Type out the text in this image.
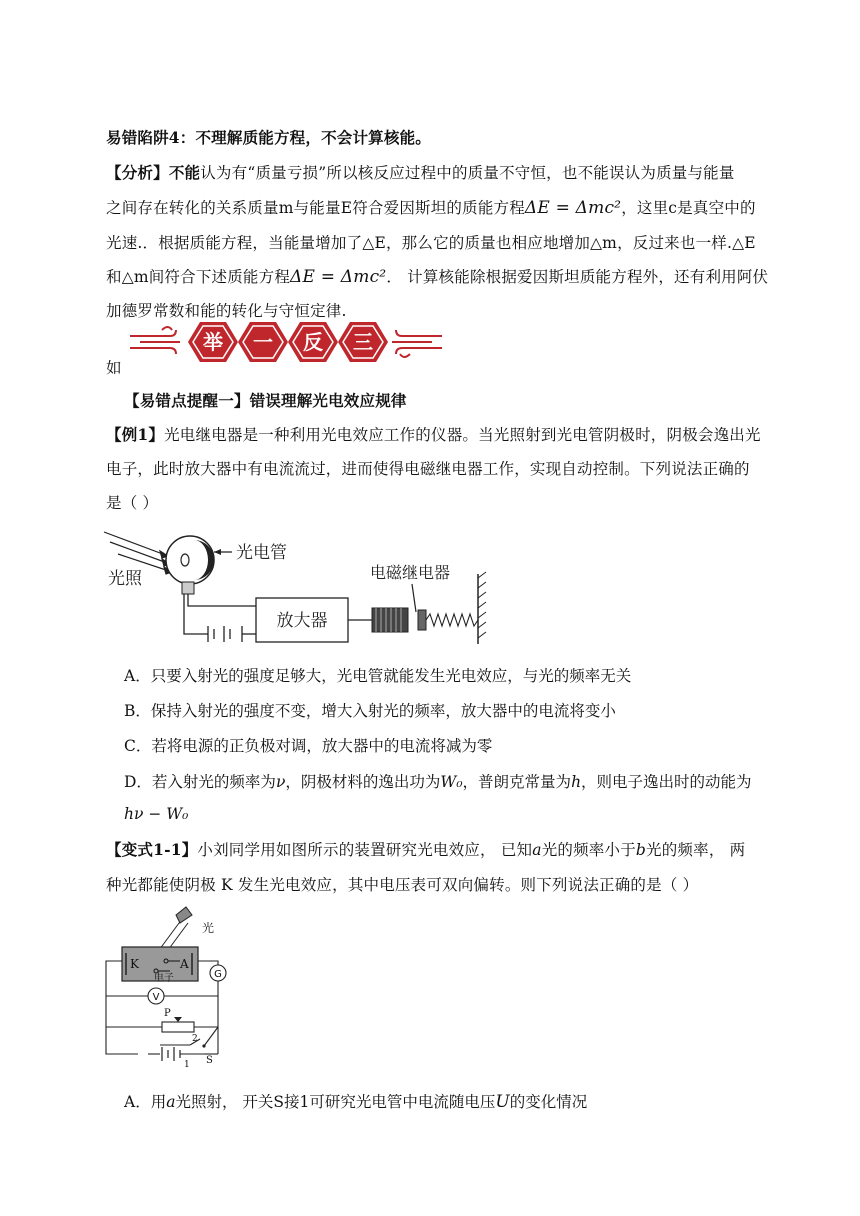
易错陷阱4：不理解质能方程，不会计算核能。
【分析】不能认为有“质量亏损”所以核反应过程中的质量不守恒，也不能误认为质量与能量
之间存在转化的关系质量m与能量E符合爱因斯坦的质能方程ΔE = Δmc²，这里c是真空中的
光速.．根据质能方程，当能量增加了△E，那么它的质量也相应地增加△m，反过来也一样.△E
和△m间符合下述质能方程ΔE = Δmc²． 计算核能除根据爱因斯坦质能方程外，还有利用阿伏
加德罗常数和能的转化与守恒定律.
举 一 反 三
如
【易错点提醒一】错误理解光电效应规律
【例1】光电继电器是一种利用光电效应工作的仪器。当光照射到光电管阴极时，阴极会逸出光
电子，此时放大器中有电流流过，进而使得电磁继电器工作，实现自动控制。下列说法正确的
是（ ）
光照
光电管
放大器
电磁继电器
A．只要入射光的强度足够大，光电管就能发生光电效应，与光的频率无关
B．保持入射光的强度不变，增大入射光的频率，放大器中的电流将变小
C．若将电源的正负极对调，放大器中的电流将减为零
D．若入射光的频率为ν，阴极材料的逸出功为W₀，普朗克常量为h，则电子逸出时的动能为
hν − W₀
【变式1-1】小刘同学用如图所示的装置研究光电效应， 已知a光的频率小于b光的频率， 两
种光都能使阴极 K 发生光电效应，其中电压表可双向偏转。则下列说法正确的是（ ）
光
K	A
电子	G
V
P
2
1 S
A．用a光照射， 开关S接1可研究光电管中电流随电压U的变化情况
